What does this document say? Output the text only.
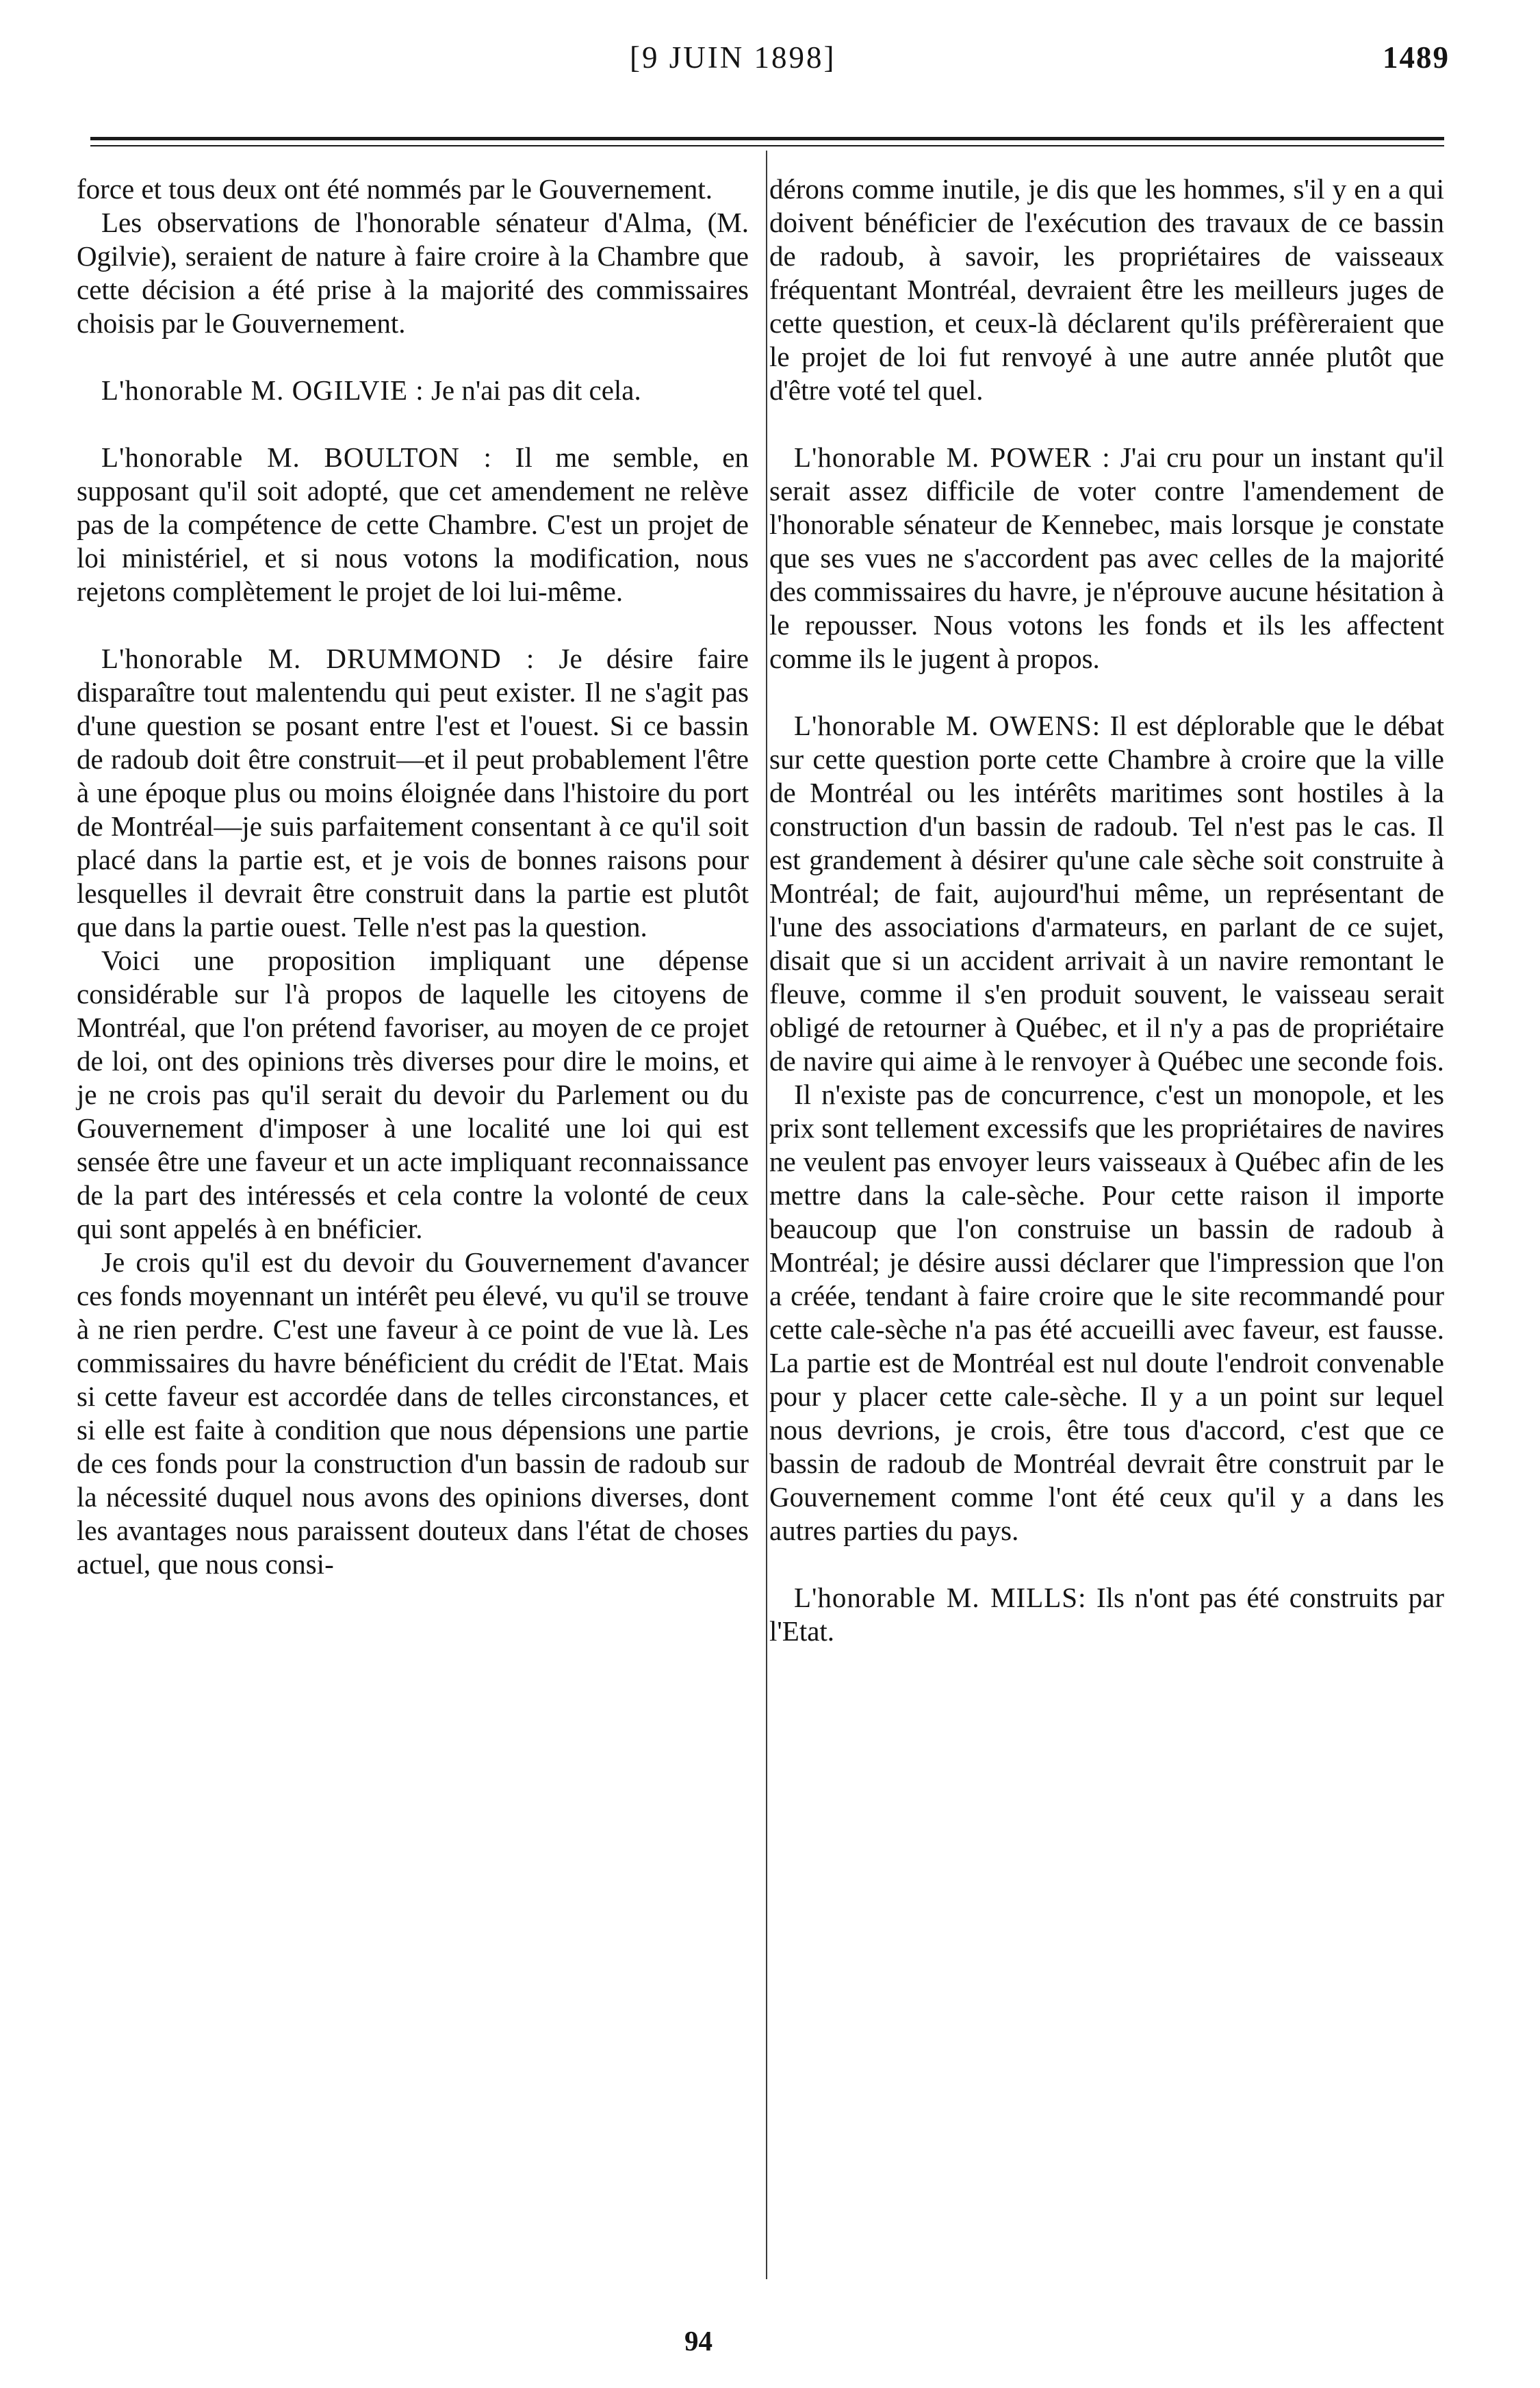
[9 JUIN 1898]	1489

force et tous deux ont été nommés par le Gouvernement.

Les observations de l'honorable sénateur d'Alma, (M. Ogilvie), seraient de nature à faire croire à la Chambre que cette décision a été prise à la majorité des commissaires choisis par le Gouvernement.

L'honorable M. OGILVIE : Je n'ai pas dit cela.

L'honorable M. BOULTON : Il me semble, en supposant qu'il soit adopté, que cet amendement ne relève pas de la compétence de cette Chambre. C'est un projet de loi ministériel, et si nous votons la modification, nous rejetons complètement le projet de loi lui-même.

L'honorable M. DRUMMOND : Je désire faire disparaître tout malentendu qui peut exister. Il ne s'agit pas d'une question se posant entre l'est et l'ouest. Si ce bassin de radoub doit être construit—et il peut probablement l'être à une époque plus ou moins éloignée dans l'histoire du port de Montréal—je suis parfaitement consentant à ce qu'il soit placé dans la partie est, et je vois de bonnes raisons pour lesquelles il devrait être construit dans la partie est plutôt que dans la partie ouest. Telle n'est pas la question.

Voici une proposition impliquant une dépense considérable sur l'à propos de laquelle les citoyens de Montréal, que l'on prétend favoriser, au moyen de ce projet de loi, ont des opinions très diverses pour dire le moins, et je ne crois pas qu'il serait du devoir du Parlement ou du Gouvernement d'imposer à une localité une loi qui est sensée être une faveur et un acte impliquant reconnaissance de la part des intéressés et cela contre la volonté de ceux qui sont appelés à en bnéficier.

Je crois qu'il est du devoir du Gouvernement d'avancer ces fonds moyennant un intérêt peu élevé, vu qu'il se trouve à ne rien perdre. C'est une faveur à ce point de vue là. Les commissaires du havre bénéficient du crédit de l'Etat. Mais si cette faveur est accordée dans de telles circonstances, et si elle est faite à condition que nous dépensions une partie de ces fonds pour la construction d'un bassin de radoub sur la nécessité duquel nous avons des opinions diverses, dont les avantages nous paraissent douteux dans l'état de choses actuel, que nous consi-

dérons comme inutile, je dis que les hommes, s'il y en a qui doivent bénéficier de l'exécution des travaux de ce bassin de radoub, à savoir, les propriétaires de vaisseaux fréquentant Montréal, devraient être les meilleurs juges de cette question, et ceux-là déclarent qu'ils préfèreraient que le projet de loi fut renvoyé à une autre année plutôt que d'être voté tel quel.

L'honorable M. POWER : J'ai cru pour un instant qu'il serait assez difficile de voter contre l'amendement de l'honorable sénateur de Kennebec, mais lorsque je constate que ses vues ne s'accordent pas avec celles de la majorité des commissaires du havre, je n'éprouve aucune hésitation à le repousser. Nous votons les fonds et ils les affectent comme ils le jugent à propos.

L'honorable M. OWENS: Il est déplorable que le débat sur cette question porte cette Chambre à croire que la ville de Montréal ou les intérêts maritimes sont hostiles à la construction d'un bassin de radoub. Tel n'est pas le cas. Il est grandement à désirer qu'une cale sèche soit construite à Montréal; de fait, aujourd'hui même, un représentant de l'une des associations d'armateurs, en parlant de ce sujet, disait que si un accident arrivait à un navire remontant le fleuve, comme il s'en produit souvent, le vaisseau serait obligé de retourner à Québec, et il n'y a pas de propriétaire de navire qui aime à le renvoyer à Québec une seconde fois.

Il n'existe pas de concurrence, c'est un monopole, et les prix sont tellement excessifs que les propriétaires de navires ne veulent pas envoyer leurs vaisseaux à Québec afin de les mettre dans la cale-sèche. Pour cette raison il importe beaucoup que l'on construise un bassin de radoub à Montréal; je désire aussi déclarer que l'impression que l'on a créée, tendant à faire croire que le site recommandé pour cette cale-sèche n'a pas été accueilli avec faveur, est fausse. La partie est de Montréal est nul doute l'endroit convenable pour y placer cette cale-sèche. Il y a un point sur lequel nous devrions, je crois, être tous d'accord, c'est que ce bassin de radoub de Montréal devrait être construit par le Gouvernement comme l'ont été ceux qu'il y a dans les autres parties du pays.

L'honorable M. MILLS: Ils n'ont pas été construits par l'Etat.

94
